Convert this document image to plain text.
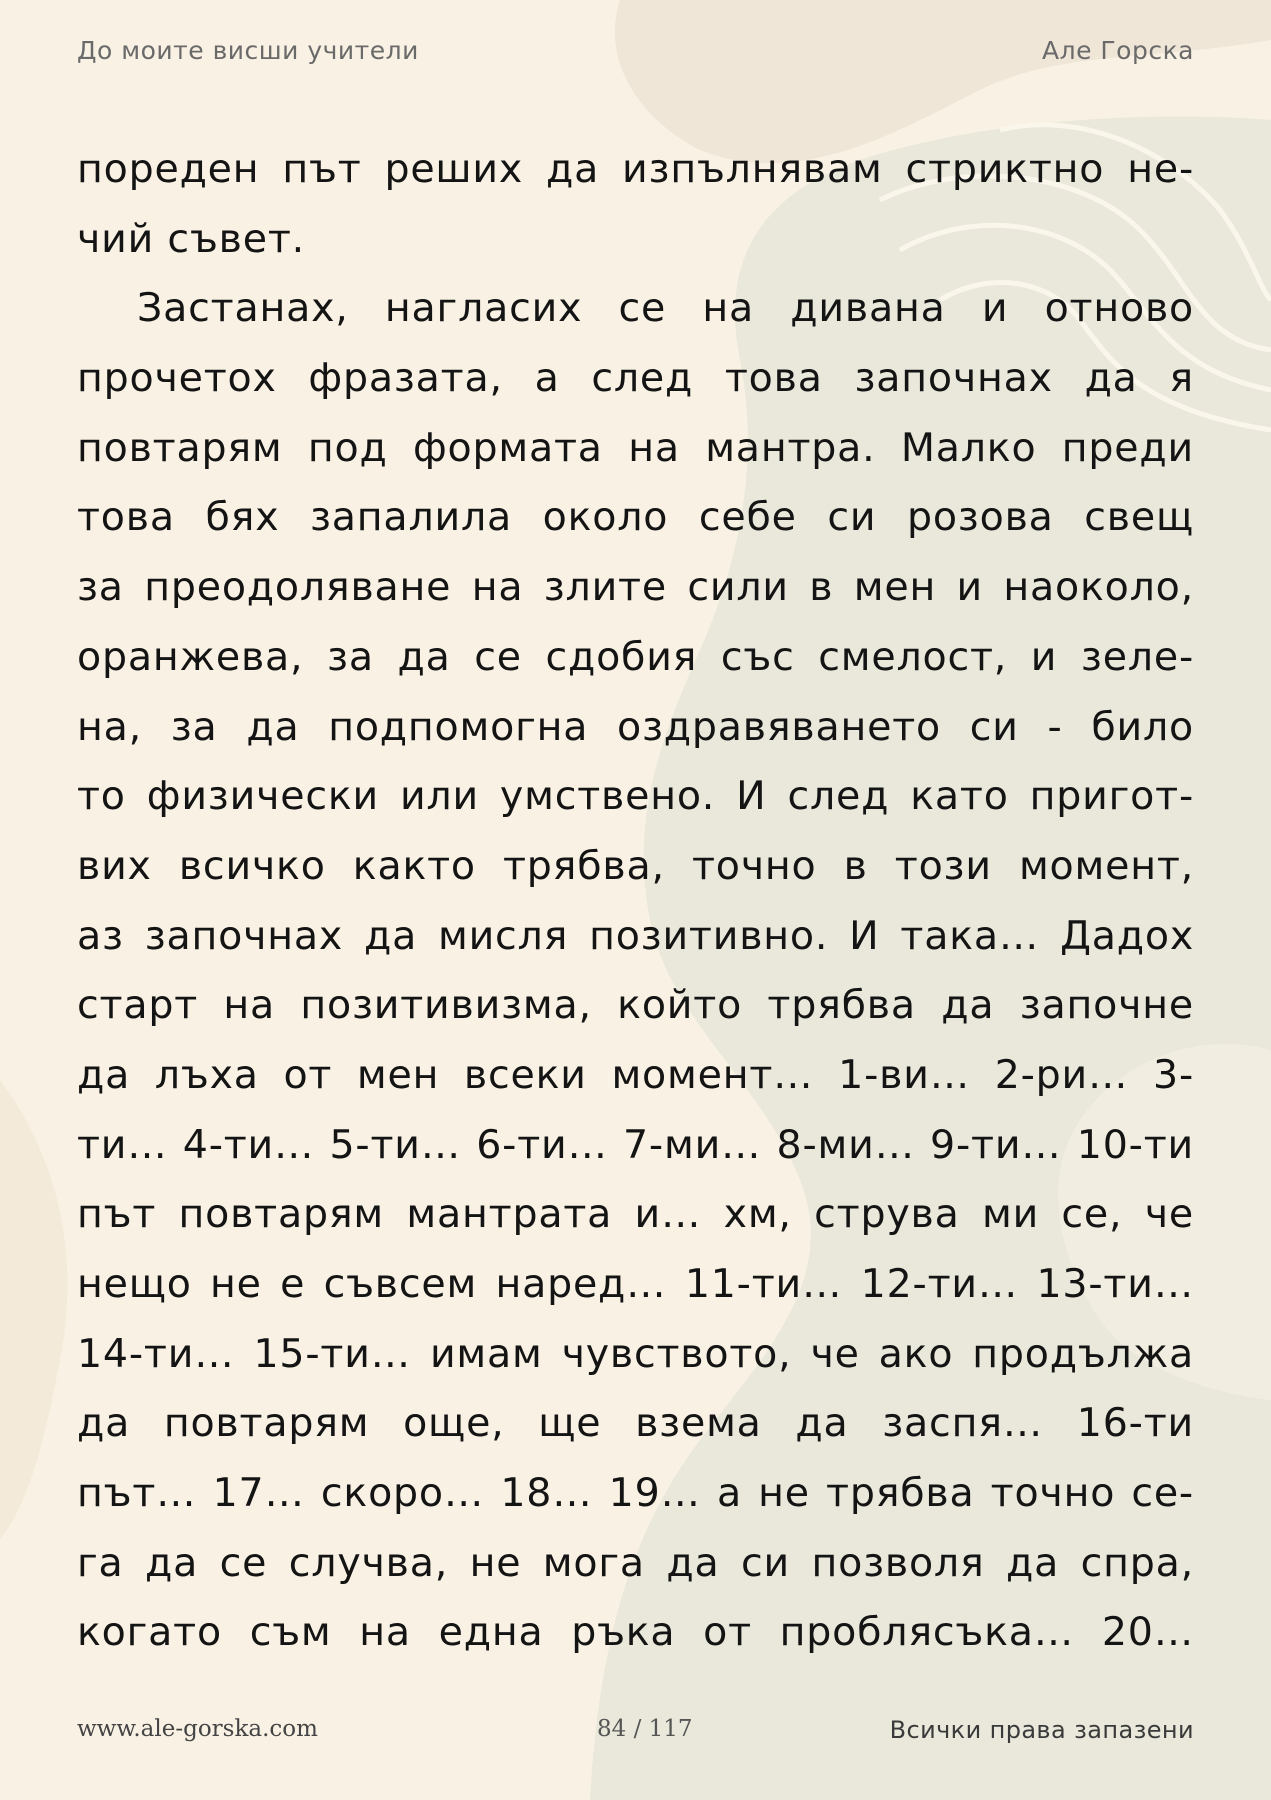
До моите висши учители	Але Горска
пореден път реших да изпълнявам стриктно не-
чий съвет.
Застанах, нагласих се на дивана и отново
прочетох фразата, а след това започнах да я
повтарям под формата на мантра. Малко преди
това бях запалила около себе си розова свещ
за преодоляване на злите сили в мен и наоколо,
оранжева, за да се сдобия със смелост, и зеле-
на, за да подпомогна оздравяването си - било
то физически или умствено. И след като пригот-
вих всичко както трябва, точно в този момент,
аз започнах да мисля позитивно. И така… Дадох
старт на позитивизма, който трябва да започне
да лъха от мен всеки момент… 1-ви… 2-ри… 3-
ти… 4-ти… 5-ти… 6-ти… 7-ми… 8-ми… 9-ти… 10-ти
път повтарям мантрата и… хм, струва ми се, че
нещо не е съвсем наред… 11-ти… 12-ти… 13-ти…
14-ти… 15-ти… имам чувството, че ако продължа
да повтарям още, ще взема да заспя… 16-ти
път… 17… скоро… 18… 19… а не трябва точно се-
га да се случва, не мога да си позволя да спра,
когато съм на една ръка от проблясъка… 20…
www.ale-gorska.com	84 / 117	Всички права запазени
